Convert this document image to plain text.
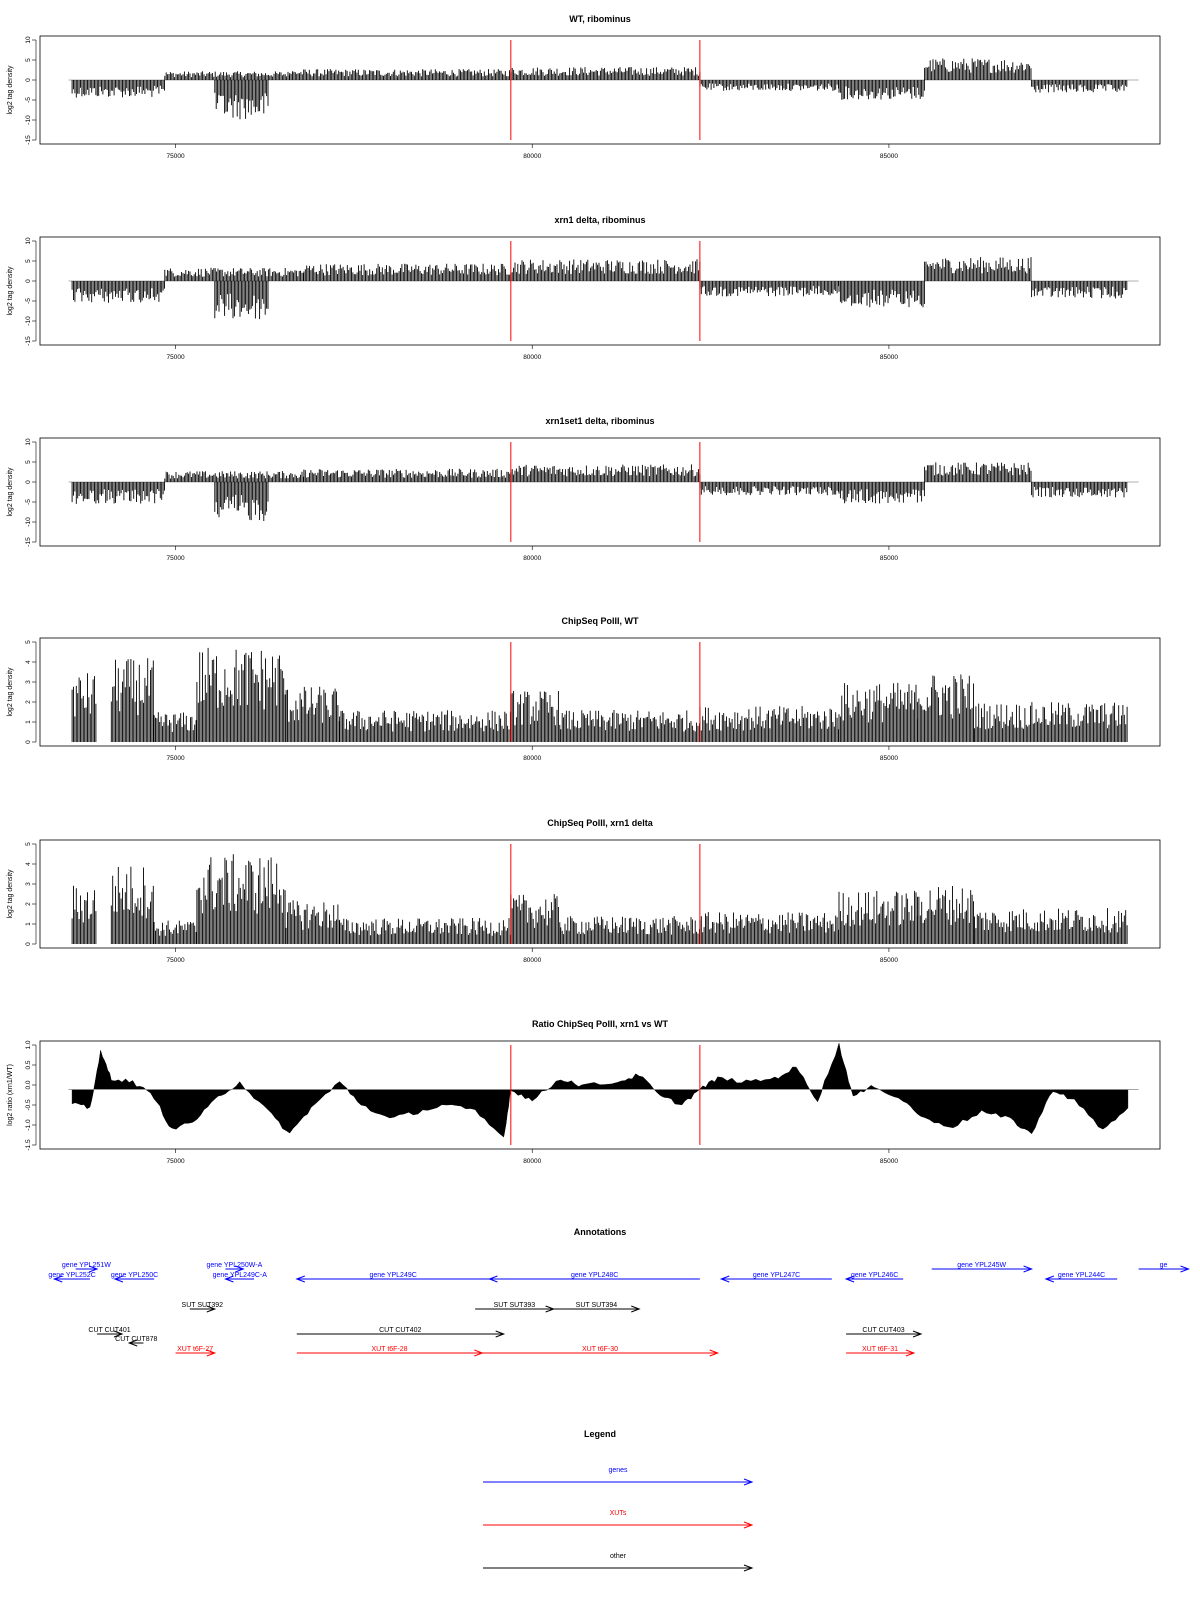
WT, ribominus
10
5
0
-5
-10
-15
log2 tag density
75000	80000	85000
xrn1 delta, ribominus
10
5
0
-5
-10
-15
log2 tag density
75000	80000	85000
xrn1set1 delta, ribominus
10
5
0
-5
-10
-15
log2 tag density
75000	80000	85000
ChipSeq PolII, WT
5
4
3
2
1
0
log2 tag density
75000	80000	85000
ChipSeq PolII, xrn1 delta
5
4
3
2
1
0
log2 tag density
75000	80000	85000
Ratio ChipSeq PolII, xrn1 vs WT
1.0
0.5
0.0
-0.5
-1.0
-1.5
log2 ratio (xrn1/WT)
75000	80000	85000
Annotations
gene YPL251W
gene YPL252C gene YPL250C
gene YPL250W-A
gene YPL249C-A	gene YPL249C	gene YPL248C	gene YPL247C	gene YPL246C
gene YPL245W
gene YPL244C
ge
SUT SUT392	SUT SUT393	SUT SUT394
CUT CUT401	CUT CUT402	CUT CUT403
CUT CUT878
XUT t6F-27	XUT t6F-28	XUT t6F-30	XUT t6F-31
Legend
genes
XUTs
other
